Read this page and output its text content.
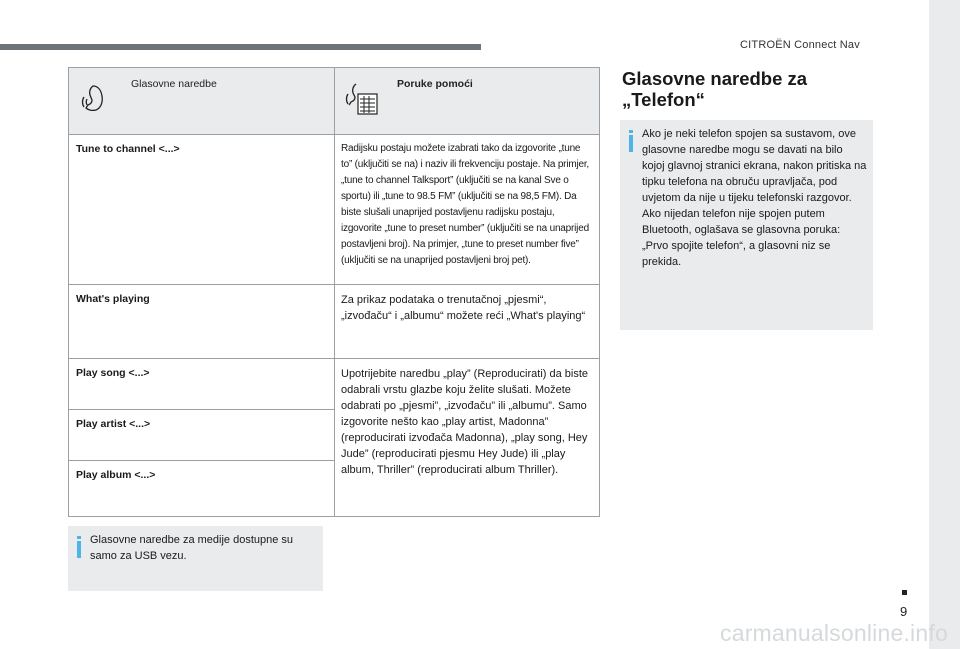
CITROËN Connect Nav
Glasovne naredbe	Poruke pomoći

Tune to channel <...>	Radijsku postaju možete izabrati tako da izgovorite „tune to” (uključiti se na) i naziv ili frekvenciju postaje. Na primjer, „tune to channel Talksport” (uključiti se na kanal Sve o sportu) ili „tune to 98.5 FM” (uključiti se na 98,5 FM). Da biste slušali unaprijed postavljenu radijsku postaju, izgovorite „tune to preset number” (uključiti se na unaprijed postavljeni broj). Na primjer, „tune to preset number five” (uključiti se na unaprijed postavljeni broj pet).

What's playing	Za prikaz podataka o trenutačnoj „pjesmi“, „izvođaču“ i „albumu“ možete reći „What's playing“

Play song <...>	Upotrijebite naredbu „play” (Reproducirati) da biste odabrali vrstu glazbe koju želite slušati. Možete odabrati po „pjesmi”, „izvođaču” ili „albumu”. Samo izgovorite nešto kao „play artist, Madonna” (reproducirati izvođača Madonna), „play song, Hey Jude” (reproducirati pjesmu Hey Jude) ili „play album, Thriller” (reproducirati album Thriller).

Play artist <...>	

Play album <...>	
Glasovne naredbe za medije dostupne su samo za USB vezu.
Glasovne naredbe za
„Telefon“
Ako je neki telefon spojen sa sustavom, ove glasovne naredbe mogu se davati na bilo kojoj glavnoj stranici ekrana, nakon pritiska na tipku telefona na obruču upravljača, pod uvjetom da nije u tijeku telefonski razgovor.
Ako nijedan telefon nije spojen putem Bluetooth, oglašava se glasovna poruka: „Prvo spojite telefon“, a glasovni niz se prekida.
9
carmanualsonline.info
